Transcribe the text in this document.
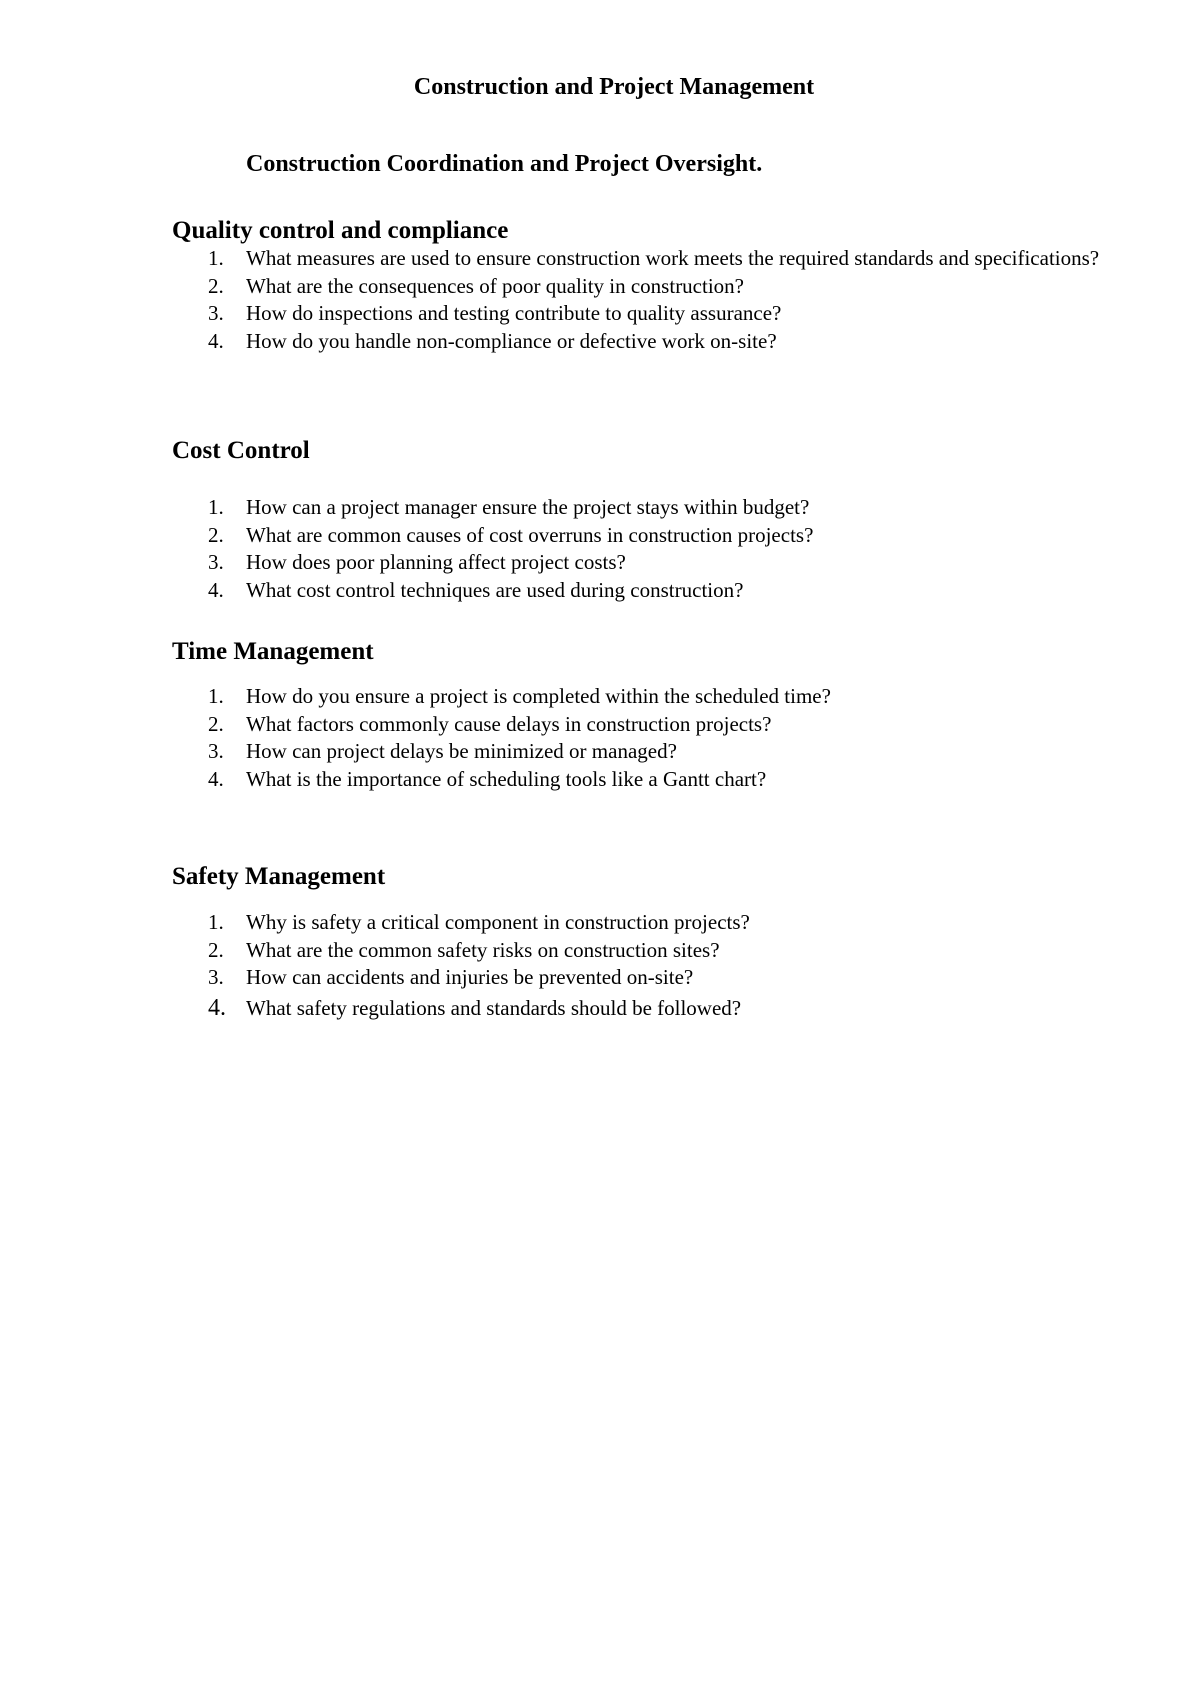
Construction and Project Management
Construction Coordination and Project Oversight.
Quality control and compliance
1. What measures are used to ensure construction work meets the required standards and specifications?
2. What are the consequences of poor quality in construction?
3. How do inspections and testing contribute to quality assurance?
4. How do you handle non-compliance or defective work on-site?
Cost Control
1. How can a project manager ensure the project stays within budget?
2. What are common causes of cost overruns in construction projects?
3. How does poor planning affect project costs?
4. What cost control techniques are used during construction?
Time Management
1. How do you ensure a project is completed within the scheduled time?
2. What factors commonly cause delays in construction projects?
3. How can project delays be minimized or managed?
4. What is the importance of scheduling tools like a Gantt chart?
Safety Management
1. Why is safety a critical component in construction projects?
2. What are the common safety risks on construction sites?
3. How can accidents and injuries be prevented on-site?
4. What safety regulations and standards should be followed?
